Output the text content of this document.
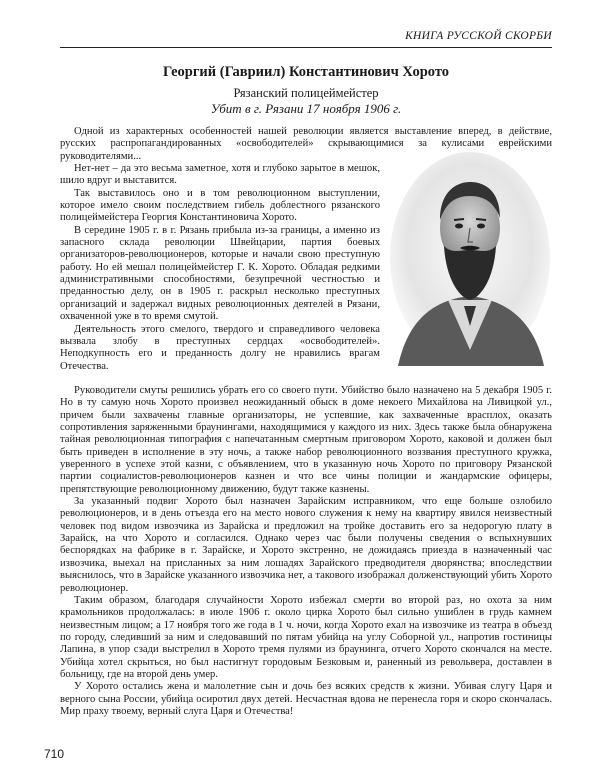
КНИГА РУССКОЙ СКОРБИ
Георгий (Гавриил) Константинович Хорото
Рязанский полицеймейстер
Убит в г. Рязани 17 ноября 1906 г.

Одной из характерных особенностей нашей революции является выставление вперед, в действие, русских распропагандированных «освободителей» скрывающимися за кулисами еврейскими руководителями...

Нет-нет – да это весьма заметное, хотя и глубоко зарытое в мешок, шило вдруг и выставится.

Так выставилось оно и в том революционном выступлении, которое имело своим последствием гибель доблестного рязанского полицеймейстера Георгия Константиновича Хорото.

В середине 1905 г. в г. Рязань прибыла из-за границы, а именно из запасного склада революции Швейцарии, партия боевых организаторов-революционеров, которые и начали свою преступную работу. Но ей мешал полицеймейстер Г. К. Хорото. Обладая редкими административными способностями, безупречной честностью и преданностью делу, он в 1905 г. раскрыл несколько преступных организаций и задержал видных революционных деятелей в Рязани, охваченной уже в то время смутой.

Деятельность этого смелого, твердого и справедливого человека вызвала злобу в преступных сердцах «освободителей». Неподкупность его и преданность долгу не нравились врагам Отечества.

Руководители смуты решились убрать его со своего пути. Убийство было назначено на 5 декабря 1905 г. Но в ту самую ночь Хорото произвел неожиданный обыск в доме некоего Михайлова на Ливицкой ул., причем были захвачены главные организаторы, не успевшие, как захваченные врасплох, оказать сопротивления заряженными браунингами, находящимися у каждого из них. Здесь также была обнаружена тайная революционная типография с напечатанным смертным приговором Хорото, каковой и должен был быть приведен в исполнение в эту ночь, а также набор революционного воззвания преступного кружка, уверенного в успехе этой казни, с объявлением, что в указанную ночь Хорото по приговору Рязанской партии социалистов-революционеров казнен и что все чины полиции и жандармские офицеры, препятствующие революционному движению, будут также казнены.

За указанный подвиг Хорото был назначен Зарайским исправником, что еще больше озлобило революционеров, и в день отъезда его на место нового служения к нему на квартиру явился неизвестный человек под видом извозчика из Зарайска и предложил на тройке доставить его за недорогую плату в Зарайск, на что Хорото и согласился. Однако через час были получены сведения о вспыхнувших беспорядках на фабрике в г. Зарайске, и Хорото экстренно, не дожидаясь приезда в назначенный час извозчика, выехал на присланных за ним лошадях Зарайского предводителя дворянства; впоследствии выяснилось, что в Зарайске указанного извозчика нет, а такового изображал долженствующий убить Хорото революционер.

Таким образом, благодаря случайности Хорото избежал смерти во второй раз, но охота за ним крамольников продолжалась: в июле 1906 г. около цирка Хорото был сильно ушиблен в грудь камнем неизвестным лицом; а 17 ноября того же года в 1 ч. ночи, когда Хорото ехал на извозчике из театра в объезд по городу, следивший за ним и следовавший по пятам убийца на углу Соборной ул., напротив гостиницы Лапина, в упор сзади выстрелил в Хорото тремя пулями из браунинга, отчего Хорото скончался на месте. Убийца хотел скрыться, но был настигнут городовым Безковым и, раненный из револьвера, доставлен в больницу, где на второй день умер.

У Хорото остались жена и малолетние сын и дочь без всяких средств к жизни. Убивая слугу Царя и верного сына России, убийца осиротил двух детей. Несчастная вдова не перенесла горя и скоро скончалась. Мир праху твоему, верный слуга Царя и Отечества!

710
